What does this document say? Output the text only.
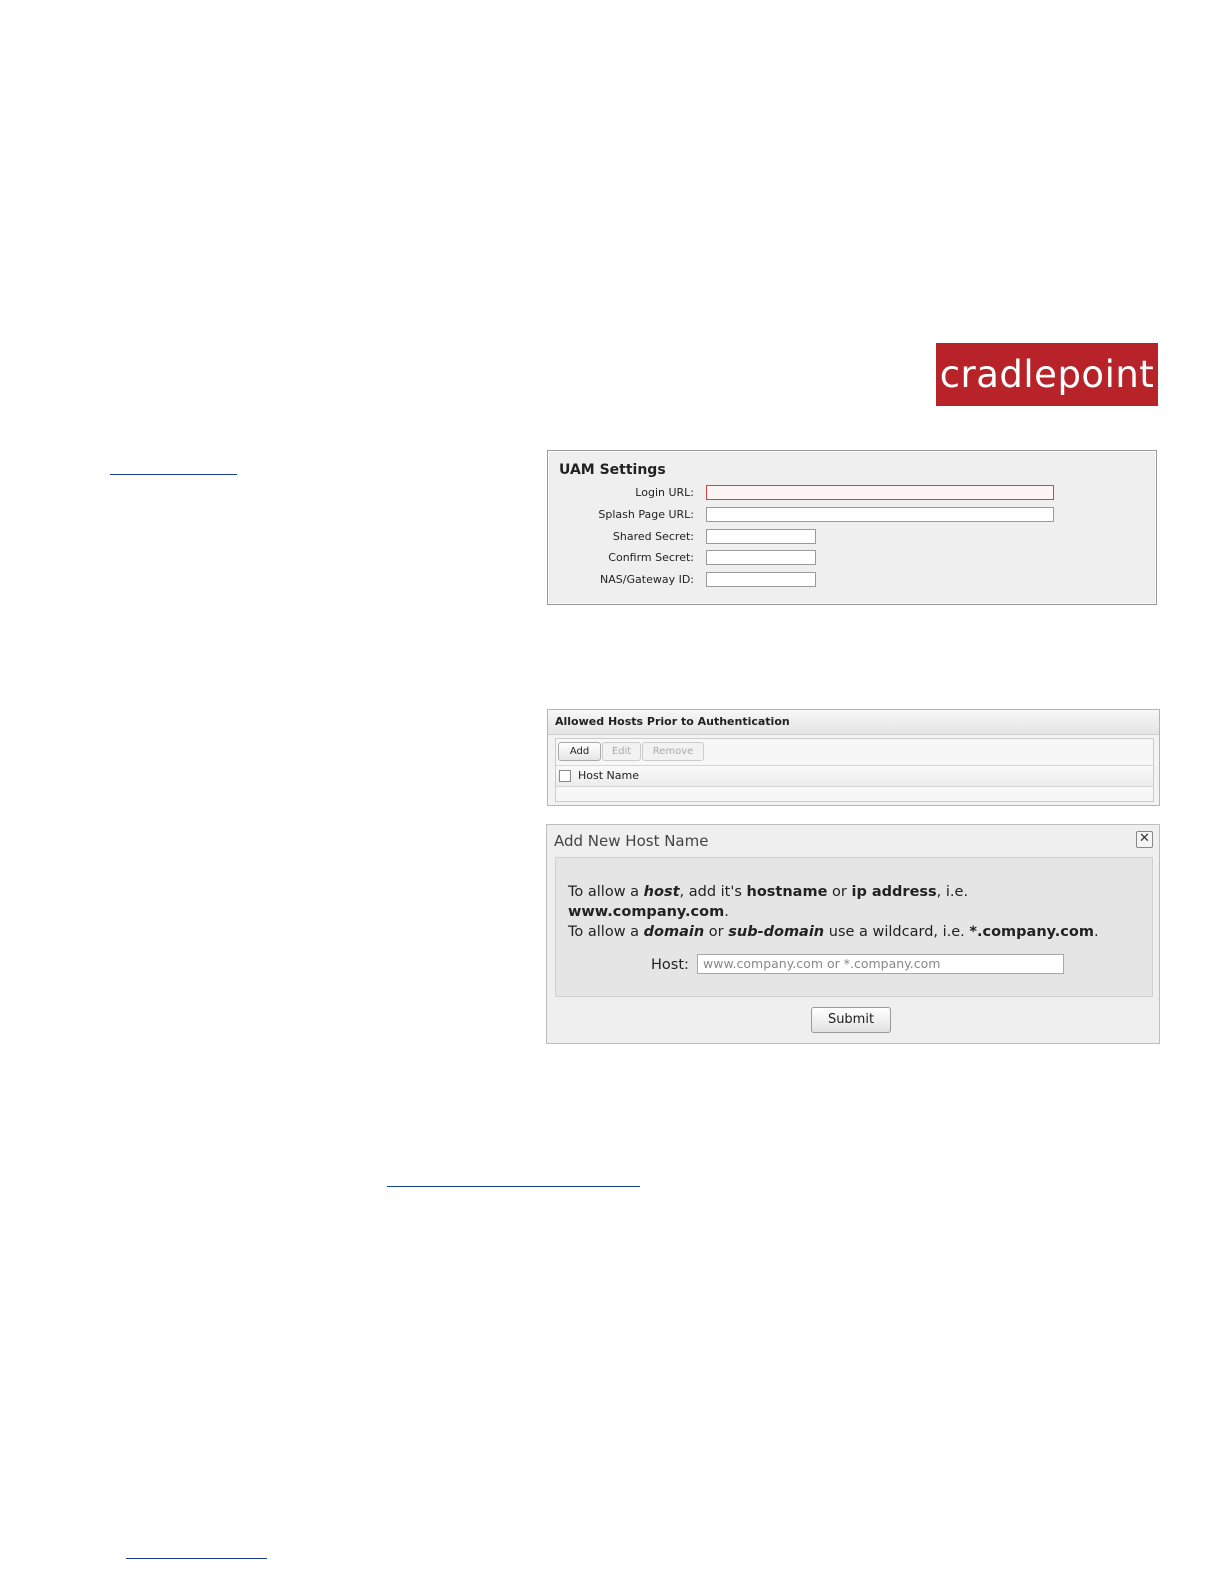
cradlepoint
UAM Settings
Login URL:
Splash Page URL:
Shared Secret:
Confirm Secret:
NAS/Gateway ID:
Allowed Hosts Prior to Authentication
Add	Edit	Remove
Host Name
Add New Host Name	✕
To allow a host, add it's hostname or ip address, i.e.
www.company.com.
To allow a domain or sub-domain use a wildcard, i.e. *.company.com.
Host:	www.company.com or *.company.com
Submit
